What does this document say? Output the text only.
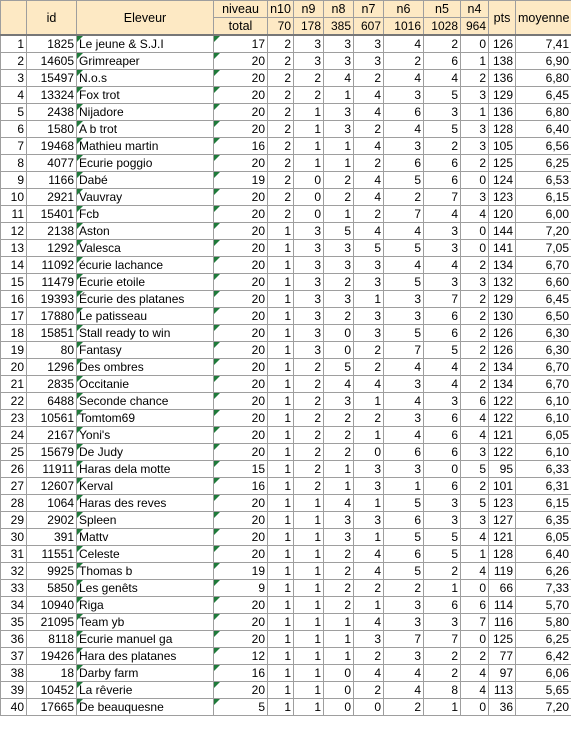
	id	Eleveur	niveau	n10	n9	n8	n7	n6	n5	n4	pts	moyenne
			total	70	178	385	607	1016	1028	964		
1	1825	Le jeune & S.J.I	17	2	3	3	3	4	2	0	126	7,41
2	14605	Grimreaper	20	2	3	3	3	2	6	1	138	6,90
3	15497	N.o.s	20	2	2	4	2	4	4	2	136	6,80
4	13324	Fox trot	20	2	2	1	4	3	5	3	129	6,45
5	2438	Nijadore	20	2	1	3	4	6	3	1	136	6,80
6	1580	A b trot	20	2	1	3	2	4	5	3	128	6,40
7	19468	Mathieu martin	16	2	1	1	4	3	2	3	105	6,56
8	4077	Ecurie poggio	20	2	1	1	2	6	6	2	125	6,25
9	1166	Dabé	19	2	0	2	4	5	6	0	124	6,53
10	2921	Vauvray	20	2	0	2	4	2	7	3	123	6,15
11	15401	Fcb	20	2	0	1	2	7	4	4	120	6,00
12	2138	Aston	20	1	3	5	4	4	3	0	144	7,20
13	1292	Valesca	20	1	3	3	5	5	3	0	141	7,05
14	11092	écurie lachance	20	1	3	3	3	4	4	2	134	6,70
15	11479	Ecurie etoile	20	1	3	2	3	5	3	3	132	6,60
16	19393	Écurie des platanes	20	1	3	3	1	3	7	2	129	6,45
17	17880	Le patisseau	20	1	3	2	3	3	6	2	130	6,50
18	15851	Stall ready to win	20	1	3	0	3	5	6	2	126	6,30
19	80	Fantasy	20	1	3	0	2	7	5	2	126	6,30
20	1296	Des ombres	20	1	2	5	2	4	4	2	134	6,70
21	2835	Occitanie	20	1	2	4	4	3	4	2	134	6,70
22	6488	Seconde chance	20	1	2	3	1	4	3	6	122	6,10
23	10561	Tomtom69	20	1	2	2	2	3	6	4	122	6,10
24	2167	Yoni's	20	1	2	2	1	4	6	4	121	6,05
25	15679	De Judy	20	1	2	2	0	6	6	3	122	6,10
26	11911	Haras dela motte	15	1	2	1	3	3	0	5	95	6,33
27	12607	Kerval	16	1	2	1	3	1	6	2	101	6,31
28	1064	Haras des reves	20	1	1	4	1	5	3	5	123	6,15
29	2902	Spleen	20	1	1	3	3	6	3	3	127	6,35
30	391	Mattv	20	1	1	3	1	5	5	4	121	6,05
31	11551	Celeste	20	1	1	2	4	6	5	1	128	6,40
32	9925	Thomas b	19	1	1	2	4	5	2	4	119	6,26
33	5850	Les genêts	9	1	1	2	2	2	1	0	66	7,33
34	10940	Riga	20	1	1	2	1	3	6	6	114	5,70
35	21095	Team yb	20	1	1	1	4	3	3	7	116	5,80
36	8118	Ecurie manuel ga	20	1	1	1	3	7	7	0	125	6,25
37	19426	Hara des platanes	12	1	1	1	2	3	2	2	77	6,42
38	18	Darby farm	16	1	1	0	4	4	2	4	97	6,06
39	10452	La rêverie	20	1	1	0	2	4	8	4	113	5,65
40	17665	De beauquesne	5	1	1	0	0	2	1	0	36	7,20
